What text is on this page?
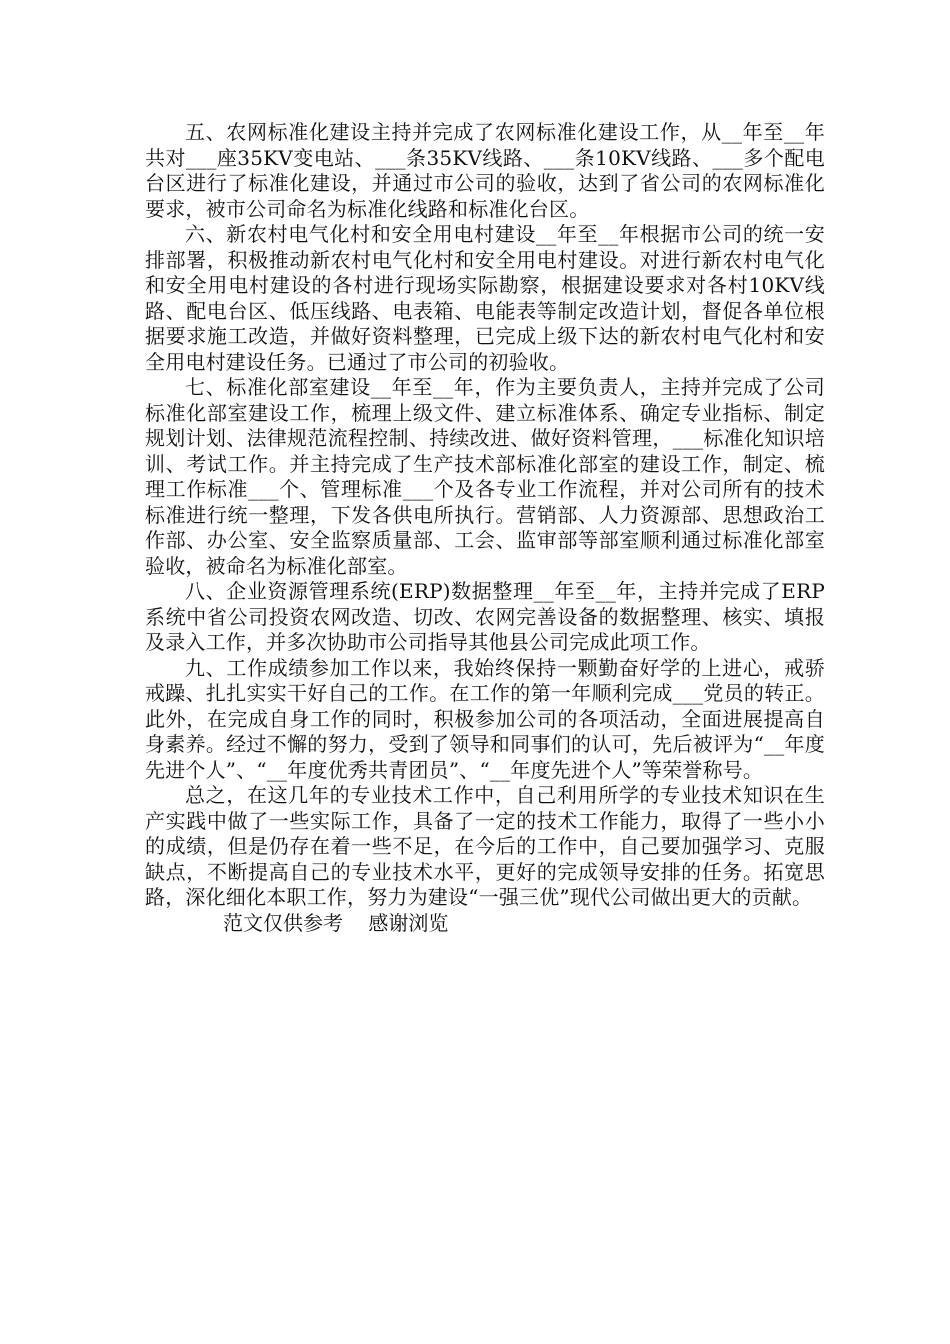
五、农网标准化建设主持并完成了农网标准化建设工作，从__年至__年共对___座35KV变电站、___条35KV线路、___条10KV线路、___多个配电台区进行了标准化建设，并通过市公司的验收，达到了省公司的农网标准化要求，被市公司命名为标准化线路和标准化台区。

六、新农村电气化村和安全用电村建设__年至__年根据市公司的统一安排部署，积极推动新农村电气化村和安全用电村建设。对进行新农村电气化和安全用电村建设的各村进行现场实际勘察，根据建设要求对各村10KV线路、配电台区、低压线路、电表箱、电能表等制定改造计划，督促各单位根据要求施工改造，并做好资料整理，已完成上级下达的新农村电气化村和安全用电村建设任务。已通过了市公司的初验收。

七、标准化部室建设__年至__年，作为主要负责人，主持并完成了公司标准化部室建设工作，梳理上级文件、建立标准体系、确定专业指标、制定规划计划、法律规范流程控制、持续改进、做好资料管理，___标准化知识培训、考试工作。并主持完成了生产技术部标准化部室的建设工作，制定、梳理工作标准___个、管理标准___个及各专业工作流程，并对公司所有的技术标准进行统一整理，下发各供电所执行。营销部、人力资源部、思想政治工作部、办公室、安全监察质量部、工会、监审部等部室顺利通过标准化部室验收，被命名为标准化部室。

八、企业资源管理系统(ERP)数据整理__年至__年，主持并完成了ERP系统中省公司投资农网改造、切改、农网完善设备的数据整理、核实、填报及录入工作，并多次协助市公司指导其他县公司完成此项工作。

九、工作成绩参加工作以来，我始终保持一颗勤奋好学的上进心，戒骄戒躁、扎扎实实干好自己的工作。在工作的第一年顺利完成___党员的转正。此外，在完成自身工作的同时，积极参加公司的各项活动，全面进展提高自身素养。经过不懈的努力，受到了领导和同事们的认可，先后被评为“__年度先进个人”、“__年度优秀共青团员”、“__年度先进个人”等荣誉称号。

总之，在这几年的专业技术工作中，自己利用所学的专业技术知识在生产实践中做了一些实际工作，具备了一定的技术工作能力，取得了一些小小的成绩，但是仍存在着一些不足，在今后的工作中，自己要加强学习、克服缺点，不断提高自己的专业技术水平，更好的完成领导安排的任务。拓宽思路，深化细化本职工作，努力为建设“一强三优”现代公司做出更大的贡献。

范文仅供参考    感谢浏览
